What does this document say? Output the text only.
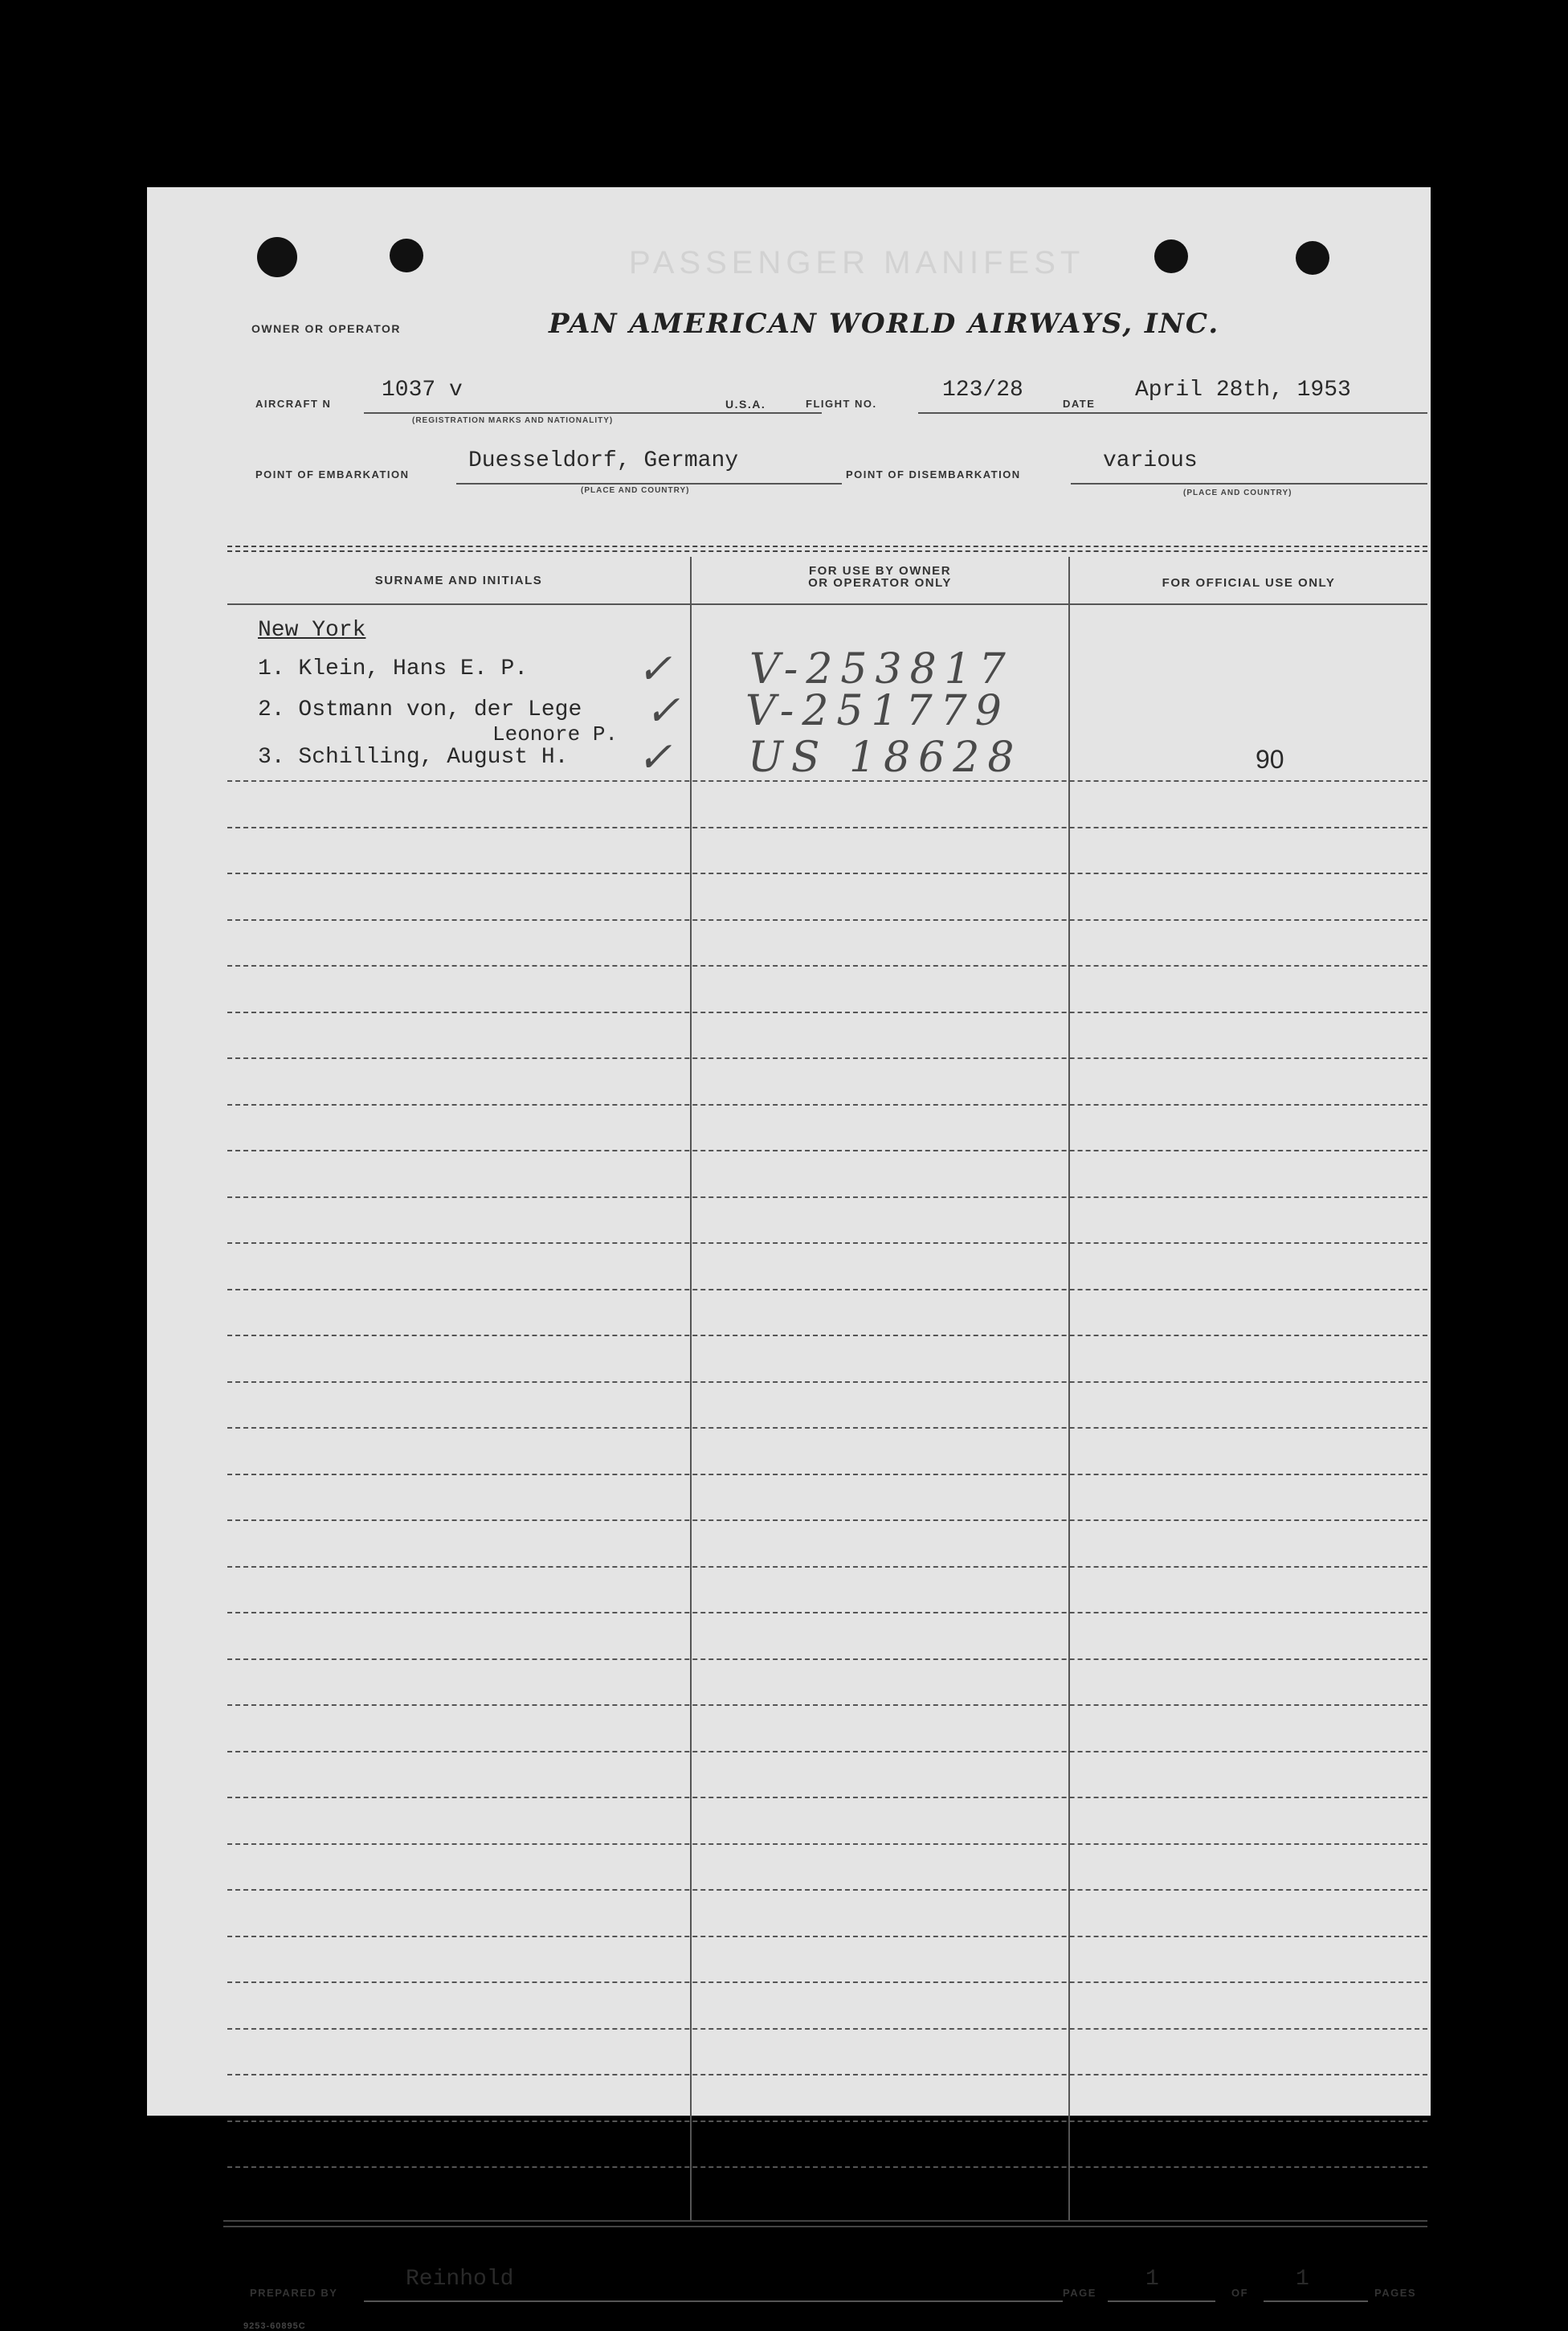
PASSENGER MANIFEST
OWNER OR OPERATOR	PAN AMERICAN WORLD AIRWAYS, INC.
AIRCRAFT N
1037 v
(REGISTRATION MARKS AND NATIONALITY)
U.S.A.	FLIGHT NO.
123/28
DATE
April 28th, 1953
POINT OF EMBARKATION
Duesseldorf, Germany
(PLACE AND COUNTRY)
POINT OF DISEMBARKATION
various
(PLACE AND COUNTRY)
SURNAME AND INITIALS
FOR USE BY OWNER
OR OPERATOR ONLY	FOR OFFICIAL USE ONLY
New York
1. Klein, Hans E. P.	✓ V-253817
2. Ostmann von, der Lege
Leonore P. ✓ V-251779
3. Schilling, August H. ✓ US 18628	90
PREPARED BY
Reinhold
PAGE
1
OF
1
PAGES
9253-60895C
